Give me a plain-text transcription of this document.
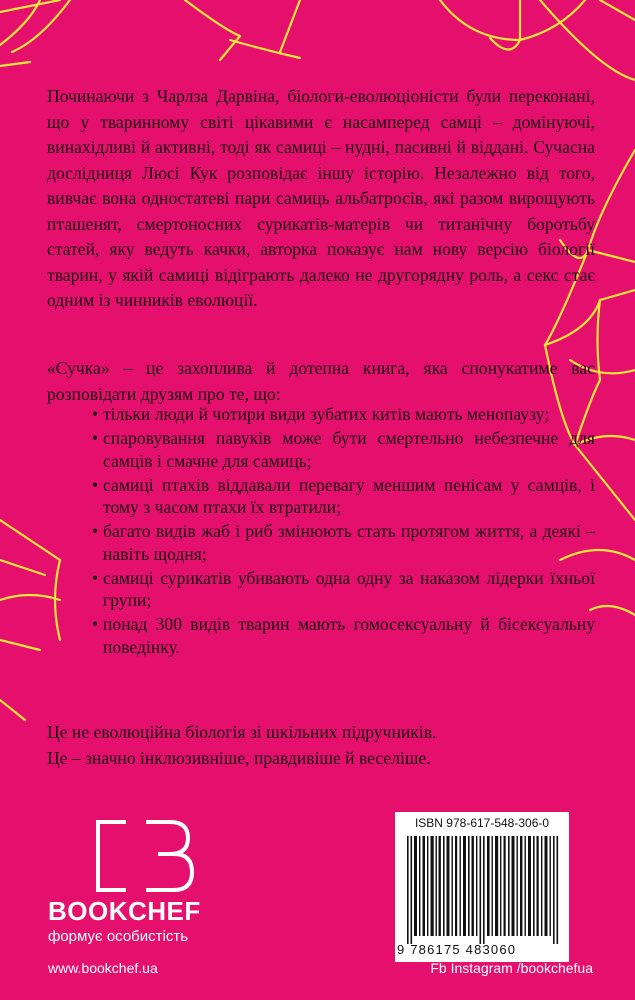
Починаючи з Чарлза Дарвіна, біологи-еволюціоністи були переконані, що у тваринному світі цікавими є насамперед самці – домінуючі, винахідливі й активні, тоді як самиці – нудні, пасивні й віддані. Сучасна дослідниця Люсі Кук розповідає іншу історію. Незалежно від того, вивчає вона одностатеві пари самиць альбатросів, які разом вирощують пташенят, смертоносних сурикатів-матерів чи титанічну боротьбу статей, яку ведуть качки, авторка показує нам нову версію біології тварин, у якій самиці відіграють далеко не другорядну роль, а секс стає одним із чинників еволюції.

«Сучка» – це захоплива й дотепна книга, яка спонукатиме вас розповідати друзям про те, що:

• тільки люди й чотири види зубатих китів мають менопаузу;
• спаровування павуків може бути смертельно небезпечне для самців і смачне для самиць;
• самиці птахів віддавали перевагу меншим пенісам у самців, і тому з часом птахи їх втратили;
• багато видів жаб і риб змінюють стать протягом життя, а деякі – навіть щодня;
• самиці сурикатів убивають одна одну за наказом лідерки їхньої групи;
• понад 300 видів тварин мають гомосексуальну й бісексуальну поведінку.

Це не еволюційна біологія зі шкільних підручників.

Це – значно інклюзивніше, правдивіше й веселіше.

BOOKCHEF
формує особистість
ISBN 978-617-548-306-0
9 786175 483060
www.bookchef.ua	Fb Instagram /bookchefua
